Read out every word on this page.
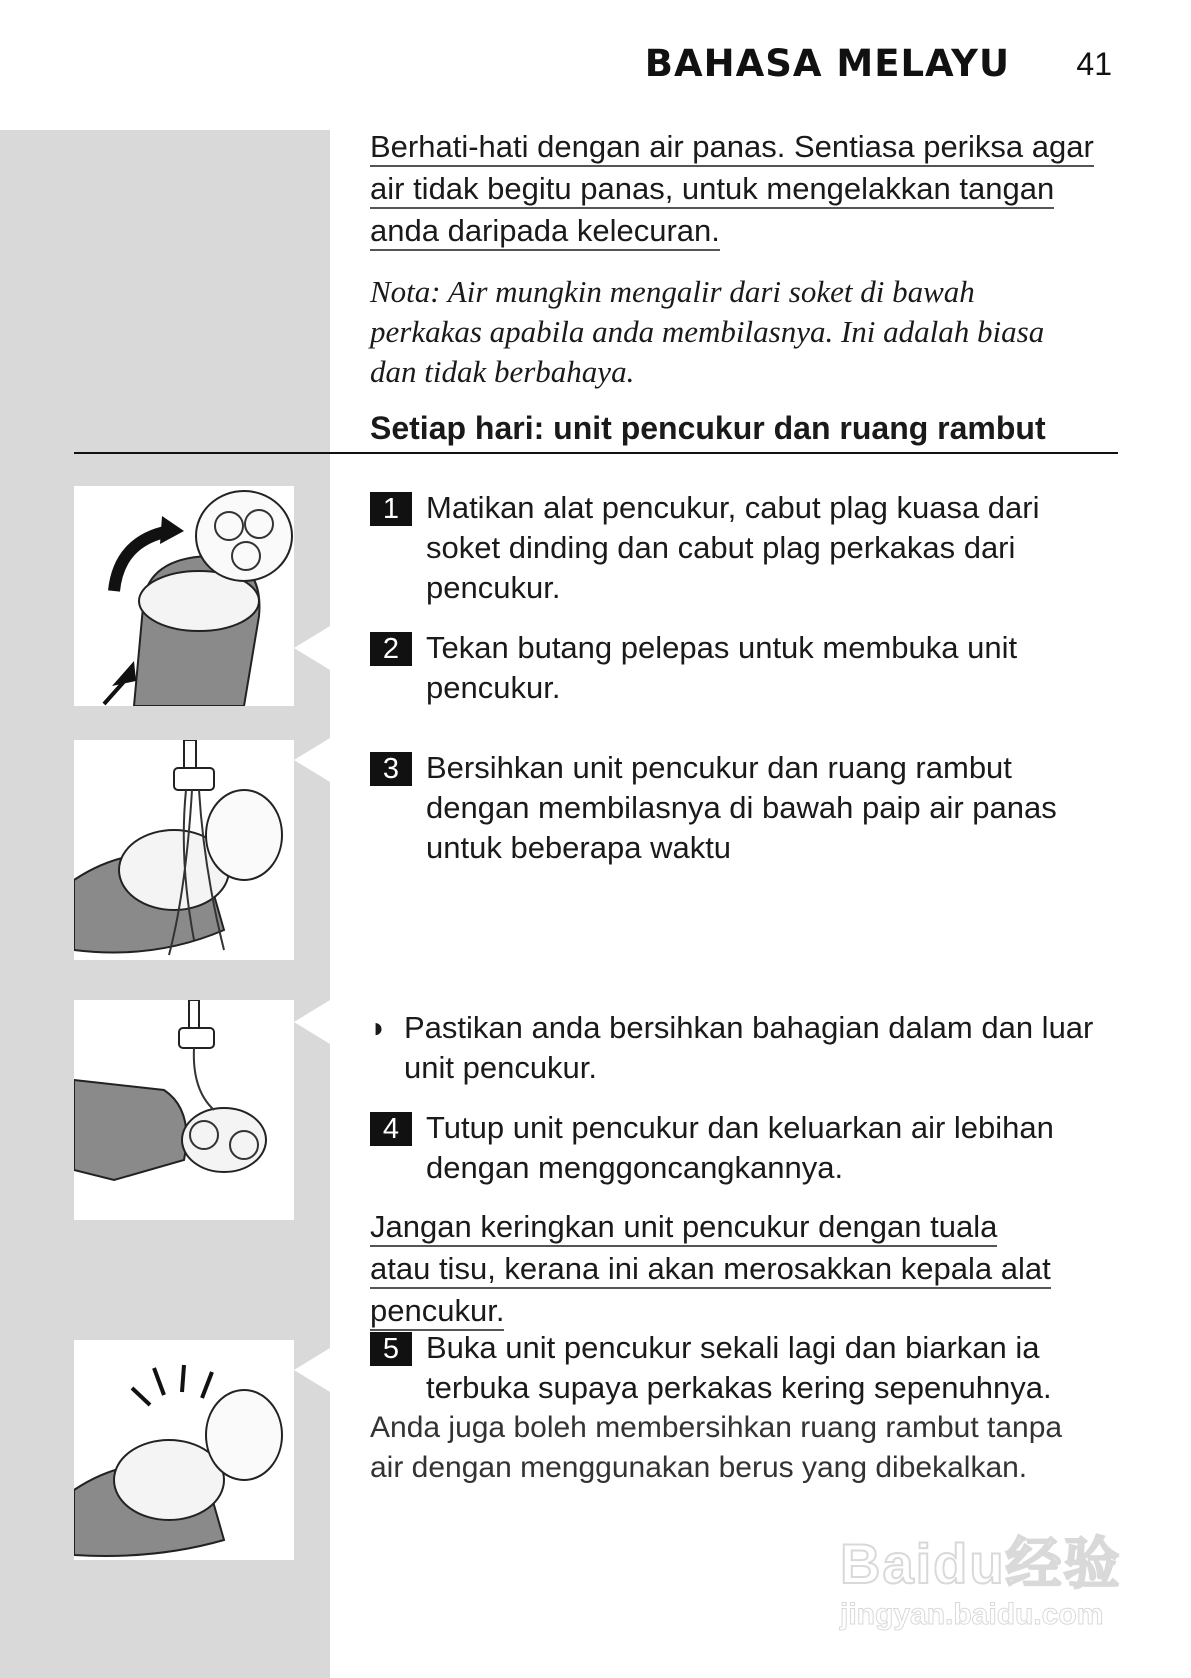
BAHASA MELAYU 41
Berhati-hati dengan air panas. Sentiasa periksa agar
air tidak begitu panas, untuk mengelakkan tangan
anda daripada kelecuran.
Nota: Air mungkin mengalir dari soket di bawah
perkakas apabila anda membilasnya. Ini adalah biasa
dan tidak berbahaya.
Setiap hari: unit pencukur dan ruang rambut
1 Matikan alat pencukur, cabut plag kuasa dari
soket dinding dan cabut plag perkakas dari
pencukur.
2 Tekan butang pelepas untuk membuka unit
pencukur.
3 Bersihkan unit pencukur dan ruang rambut
dengan membilasnya di bawah paip air panas
untuk beberapa waktu
◗ Pastikan anda bersihkan bahagian dalam dan luar
unit pencukur.
4 Tutup unit pencukur dan keluarkan air lebihan
dengan menggoncangkannya.
Jangan keringkan unit pencukur dengan tuala
atau tisu, kerana ini akan merosakkan kepala alat
pencukur.
5 Buka unit pencukur sekali lagi dan biarkan ia
terbuka supaya perkakas kering sepenuhnya.
Anda juga boleh membersihkan ruang rambut tanpa
air dengan menggunakan berus yang dibekalkan.
Baidu经验
jingyan.baidu.com
